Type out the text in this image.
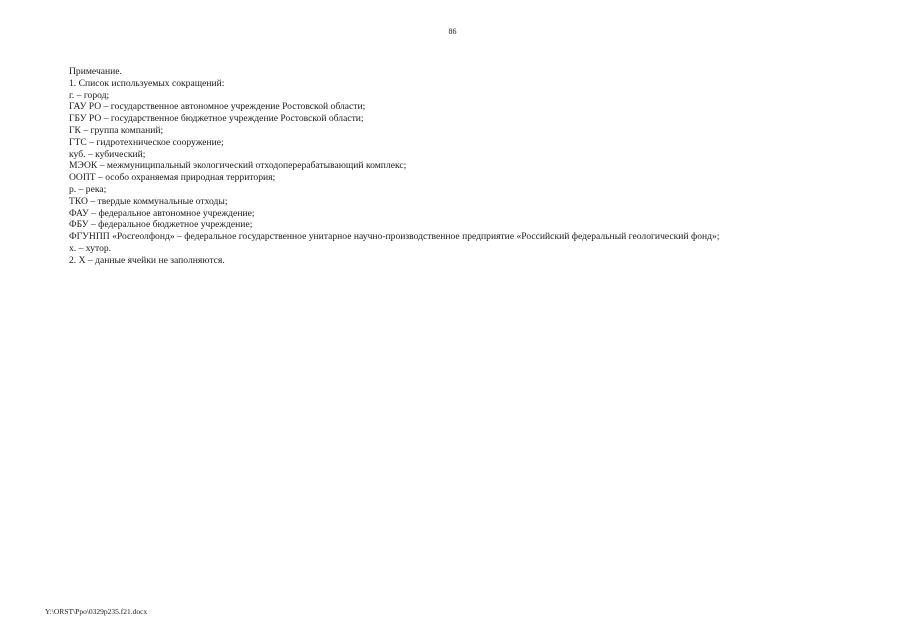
86
Примечание.
1. Список используемых сокращений:
г. – город;
ГАУ РО – государственное автономное учреждение Ростовской области;
ГБУ РО – государственное бюджетное учреждение Ростовской области;
ГК – группа компаний;
ГТС – гидротехническое сооружение;
куб. – кубический;
МЭОК – межмуниципальный экологический отходоперерабатывающий комплекс;
ООПТ – особо охраняемая природная территория;
р. – река;
ТКО – твердые коммунальные отходы;
ФАУ – федеральное автономное учреждение;
ФБУ – федеральное бюджетное учреждение;
ФГУНПП «Росгеолфонд» – федеральное государственное унитарное научно-производственное предприятие «Российский федеральный геологический фонд»;
х. – хутор.
2. Х – данные ячейки не заполняются.
Y:\ORST\Ppo\0329p235.f21.docx
